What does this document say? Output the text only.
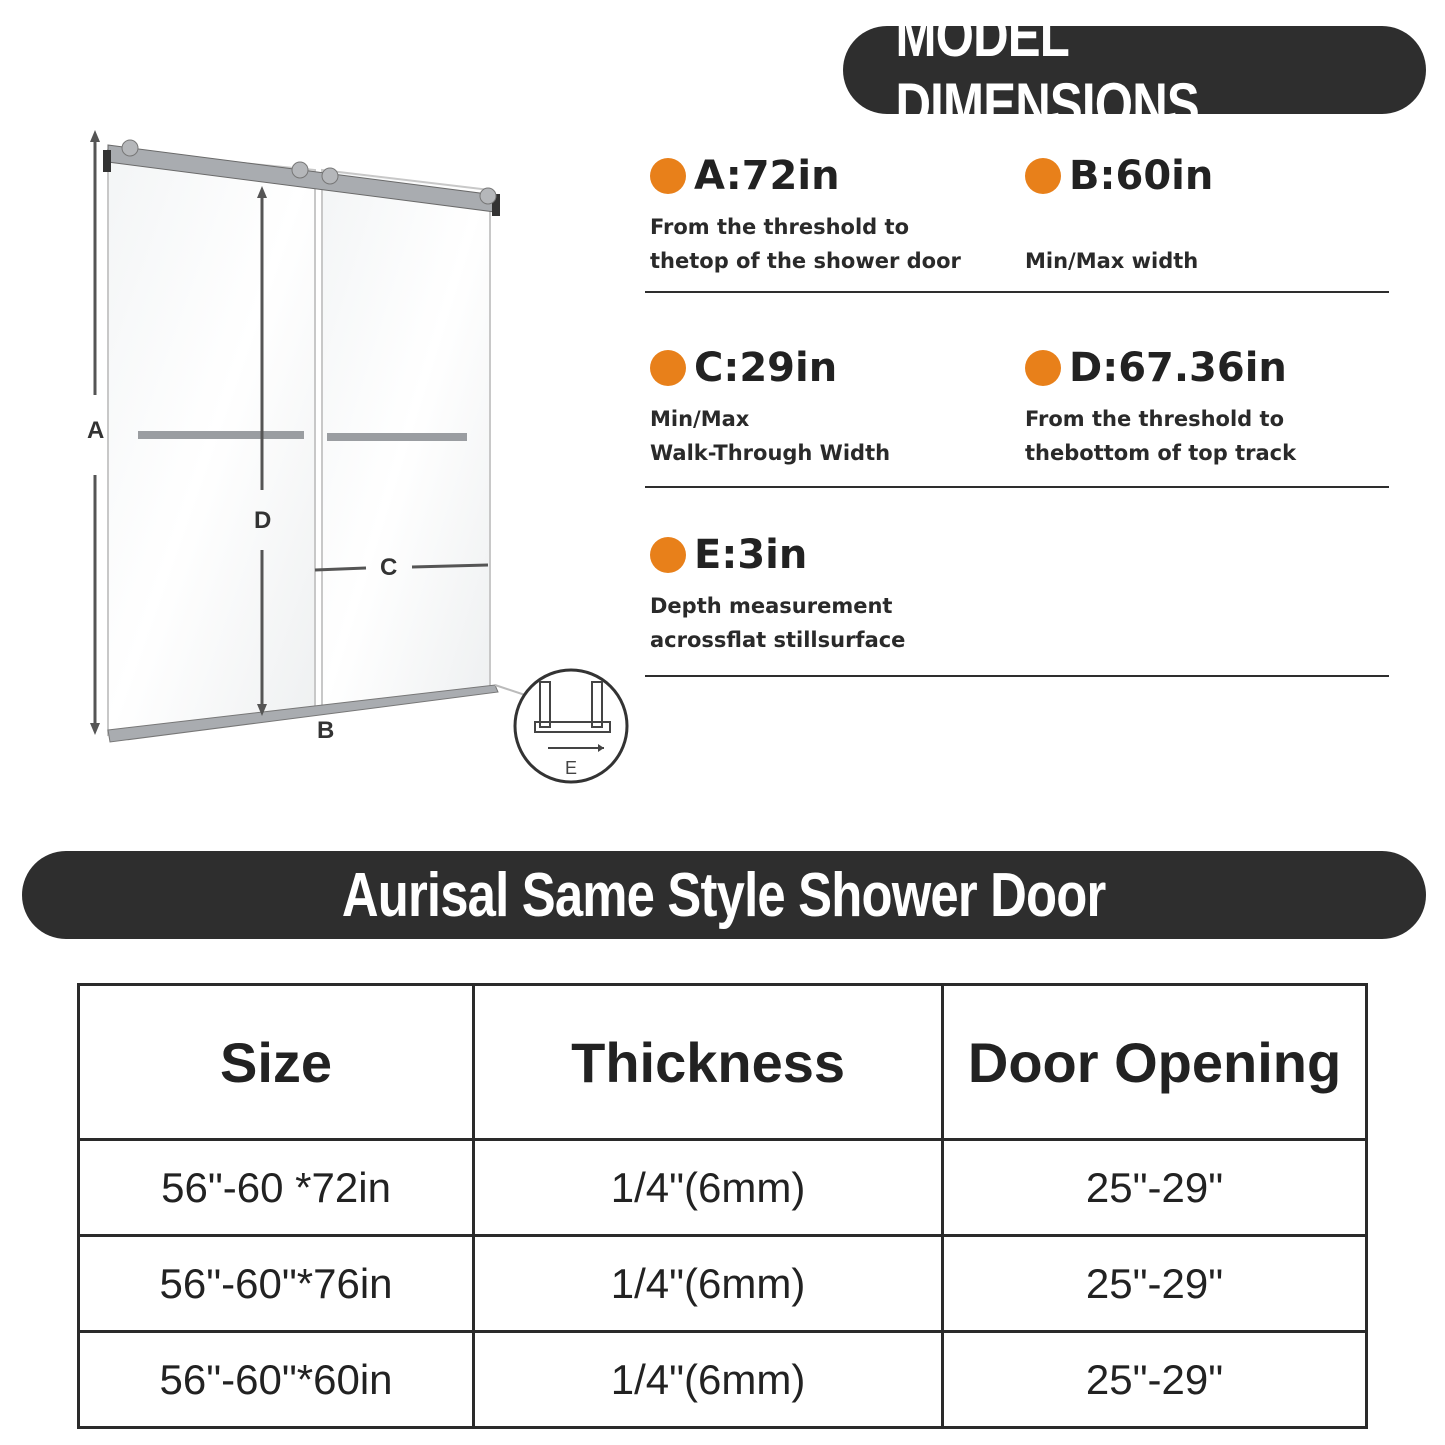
MODEL DIMENSIONS
A
D
C
B
E
A:72in
From the threshold to
thetop of the shower door
B:60in

Min/Max width
C:29in
Min/Max
Walk-Through Width
D:67.36in
From the threshold to
thebottom of top track
E:3in
Depth measurement
acrossflat stillsurface
Aurisal Same Style Shower Door
Size	Thickness	Door Opening
56"-60 *72in	1/4"(6mm)	25"-29"
56"-60"*76in	1/4"(6mm)	25"-29"
56"-60"*60in	1/4"(6mm)	25"-29"
